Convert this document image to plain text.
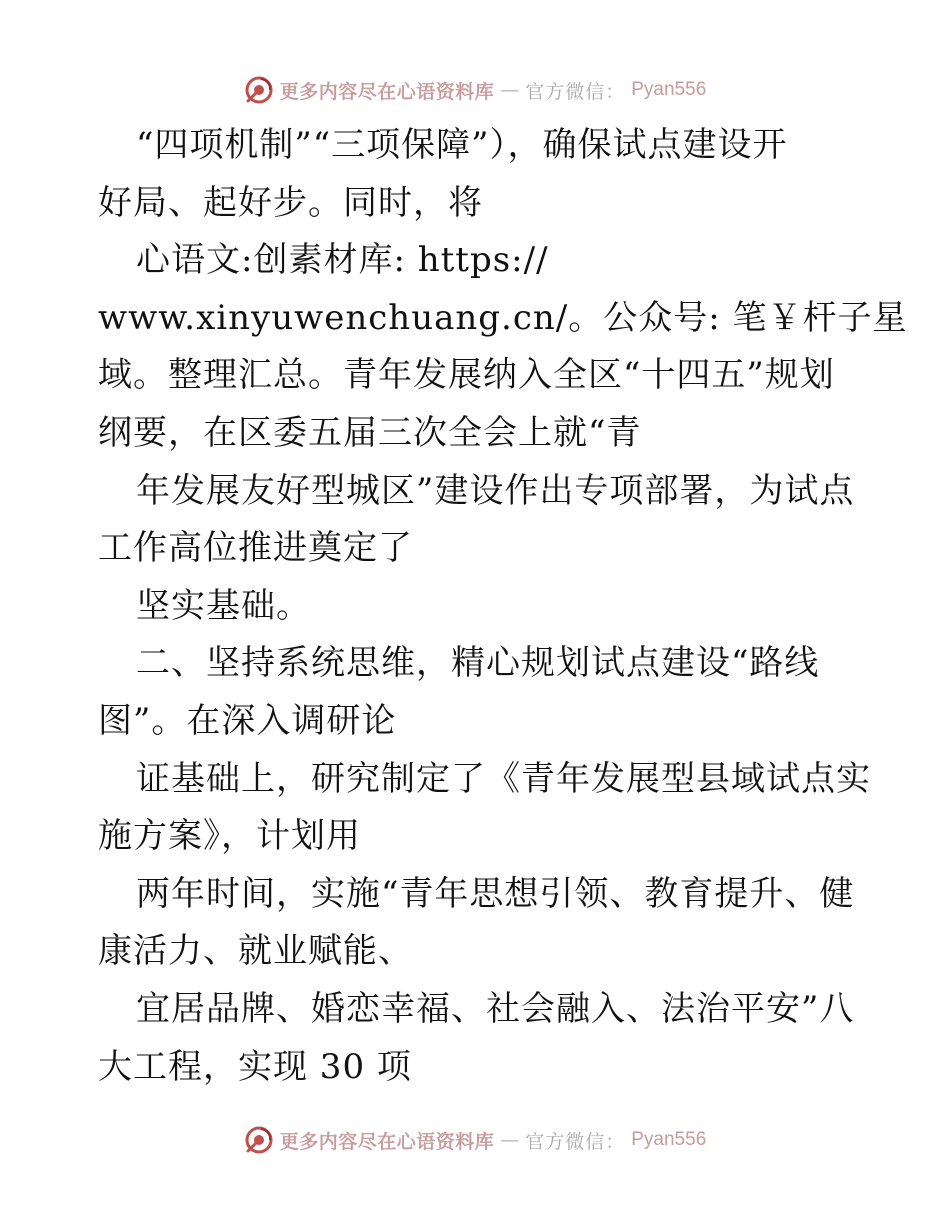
更多内容尽在心语资料库 — 官方微信： Pyan556
“四项机制”“三项保障”），确保试点建设开
好局、起好步。同时，将
心语文:创素材库: https://
www.xinyuwenchuang.cn/。公众号: 笔￥杆子星
域。整理汇总。青年发展纳入全区“十四五”规划
纲要，在区委五届三次全会上就“青
年发展友好型城区”建设作出专项部署，为试点
工作高位推进奠定了
坚实基础。
二、坚持系统思维，精心规划试点建设“路线
图”。在深入调研论
证基础上，研究制定了《青年发展型县域试点实
施方案》，计划用
两年时间，实施“青年思想引领、教育提升、健
康活力、就业赋能、
宜居品牌、婚恋幸福、社会融入、法治平安”八
大工程，实现 30 项
更多内容尽在心语资料库 — 官方微信： Pyan556
